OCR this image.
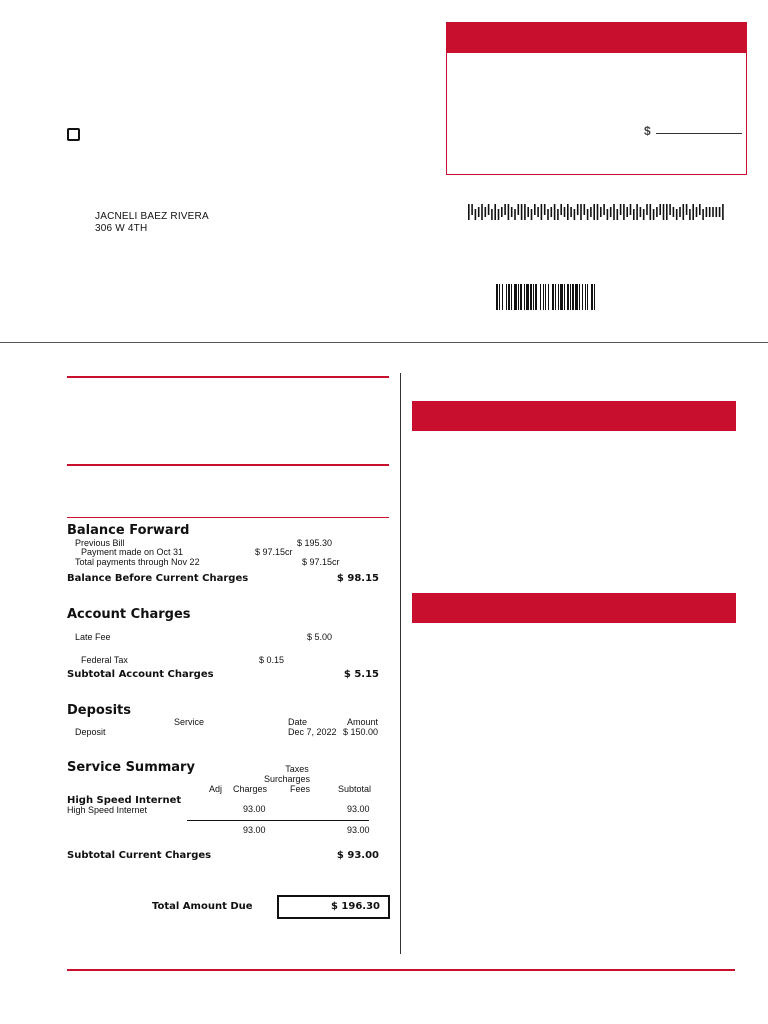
$
JACNELI BAEZ RIVERA
306 W 4TH
Balance Forward
Previous Bill	$ 195.30
Payment made on Oct 31	$ 97.15cr
Total payments through Nov 22	$ 97.15cr
Balance Before Current Charges	$ 98.15
Account Charges
Late Fee	$ 5.00
Federal Tax	$ 0.15
Subtotal Account Charges	$ 5.15
Deposits
Service	Date	Amount
Deposit	Dec 7, 2022 $ 150.00
Service Summary	Taxes
Surcharges
Adj Charges	Fees	Subtotal
High Speed Internet
High Speed Internet	93.00	93.00
93.00	93.00
Subtotal Current Charges	$ 93.00
Total Amount Due	$ 196.30
